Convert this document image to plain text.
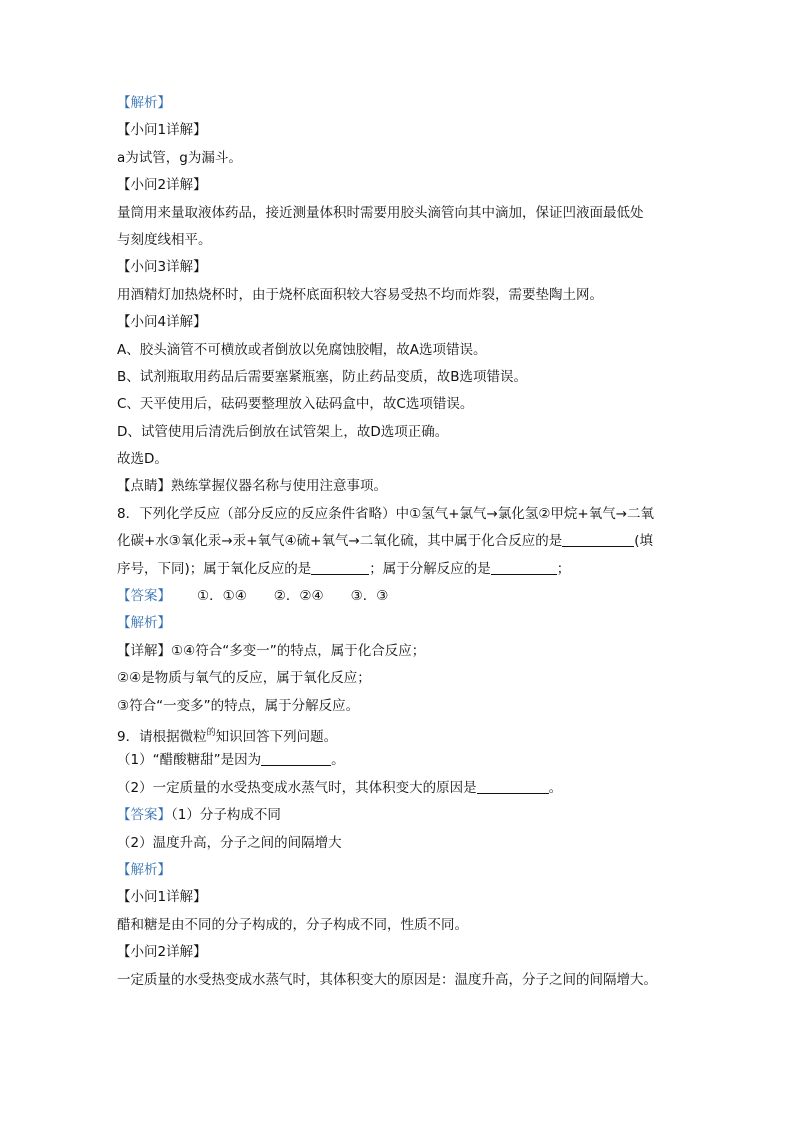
【解析】
【小问1详解】
a为试管，g为漏斗。
【小问2详解】
量筒用来量取液体药品，接近测量体积时需要用胶头滴管向其中滴加，保证凹液面最低处
与刻度线相平。
【小问3详解】
用酒精灯加热烧杯时，由于烧杯底面积较大容易受热不均而炸裂，需要垫陶土网。
【小问4详解】
A、胶头滴管不可横放或者倒放以免腐蚀胶帽，故A选项错误。
B、试剂瓶取用药品后需要塞紧瓶塞，防止药品变质，故B选项错误。
C、天平使用后，砝码要整理放入砝码盒中，故C选项错误。
D、试管使用后清洗后倒放在试管架上，故D选项正确。
故选D。
【点睛】熟练掌握仪器名称与使用注意事项。
8．下列化学反应（部分反应的反应条件省略）中①氢气+氯气→氯化氢②甲烷+氧气→二氧
化碳+水③氧化汞→汞+氧气④硫+氧气→二氧化硫，其中属于化合反应的是	(填
序号，下同)；属于氧化反应的是	；属于分解反应的是	；
【答案】 ①．①④　　②．②④　　③．③
【解析】
【详解】①④符合“多变一”的特点，属于化合反应；
②④是物质与氧气的反应，属于氧化反应；
③符合“一变多”的特点，属于分解反应。
9．请根据微粒$^的$知识回答下列问题。
（1）“醋酸糖甜”是因为	。
（2）一定质量的水受热变成水蒸气时，其体积变大的原因是	。
【答案】（1）分子构成不同
（2）温度升高，分子之间的间隔增大
【解析】
【小问1详解】
醋和糖是由不同的分子构成的，分子构成不同，性质不同。
【小问2详解】
一定质量的水受热变成水蒸气时，其体积变大的原因是：温度升高，分子之间的间隔增大。
